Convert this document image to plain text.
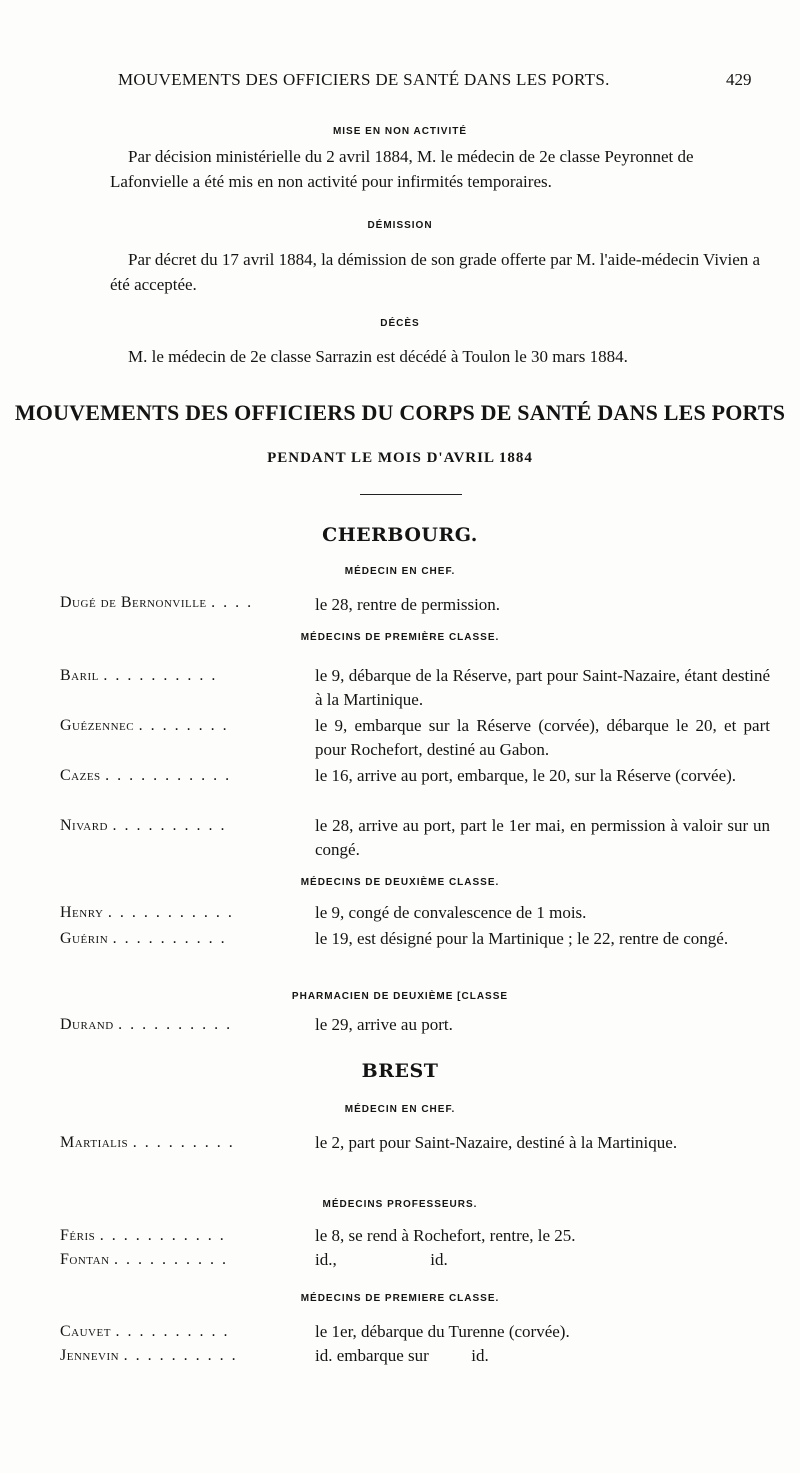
MOUVEMENTS DES OFFICIERS DE SANTÉ DANS LES PORTS.	429
MISE EN NON ACTIVITÉ
Par décision ministérielle du 2 avril 1884, M. le médecin de 2e classe Peyronnet de Lafonvielle a été mis en non activité pour infirmités temporaires.
DÉMISSION
Par décret du 17 avril 1884, la démission de son grade offerte par M. l'aide-médecin Vivien a été acceptée.
DÉCÈS
M. le médecin de 2e classe Sarrazin est décédé à Toulon le 30 mars 1884.
MOUVEMENTS DES OFFICIERS DU CORPS DE SANTÉ DANS LES PORTS
PENDANT LE MOIS D'AVRIL 1884
CHERBOURG.
MÉDECIN EN CHEF.
Dugé de Bernonville . . . .	le 28, rentre de permission.
MÉDECINS DE PREMIÈRE CLASSE.
Baril . . . . . . . . . .	le 9, débarque de la Réserve, part pour Saint-Nazaire, étant destiné à la Martinique.
Guézennec . . . . . . . .	le 9, embarque sur la Réserve (corvée), débarque le 20, et part pour Rochefort, destiné au Gabon.
Cazes . . . . . . . . . . .	le 16, arrive au port, embarque, le 20, sur la Réserve (corvée).
Nivard . . . . . . . . . .	le 28, arrive au port, part le 1er mai, en permission à valoir sur un congé.
MÉDECINS DE DEUXIÈME CLASSE.
Henry . . . . . . . . . . .	le 9, congé de convalescence de 1 mois.
Guérin . . . . . . . . . .	le 19, est désigné pour la Martinique ; le 22, rentre de congé.
PHARMACIEN DE DEUXIÈME [CLASSE
Durand . . . . . . . . . .	le 29, arrive au port.
BREST
MÉDECIN EN CHEF.
Martialis . . . . . . . . .	le 2, part pour Saint-Nazaire, destiné à la Martinique.
MÉDECINS PROFESSEURS.
Féris . . . . . . . . . . .	le 8, se rend à Rochefort, rentre, le 25.
Fontan . . . . . . . . . .	id.,                      id.
MÉDECINS DE PREMIERE CLASSE.
Cauvet . . . . . . . . . .	le 1er, débarque du Turenne (corvée).
Jennevin . . . . . . . . . .	id. embarque sur          id.
